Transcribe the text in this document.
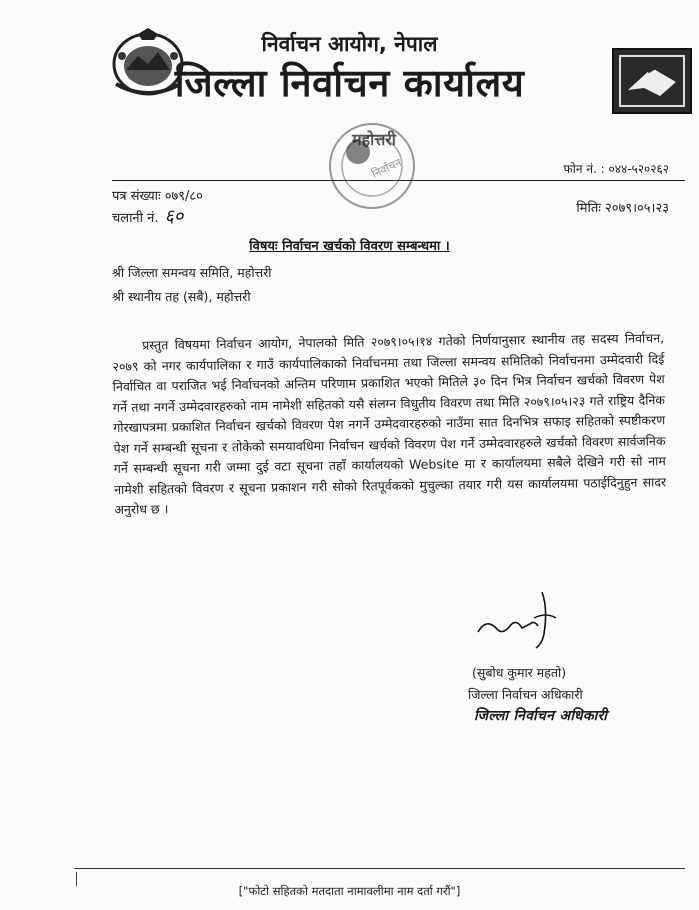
निर्वाचन आयोग, नेपाल
जिल्ला निर्वाचन कार्यालय
निर्वाचन
महोत्तरी
फोन नं. : ०४४-५२०२६२
पत्र संख्याः ०७९/८०
चलानी नं. ६०	मितिः २०७९।०५।२३
विषयः निर्वाचन खर्चको विवरण सम्बन्धमा ।
श्री जिल्ला समन्वय समिति, महोत्तरी
श्री स्थानीय तह (सबै), महोत्तरी
प्रस्तुत विषयमा निर्वाचन आयोग, नेपालको मिति २०७९।०५।१४ गतेको निर्णयानुसार स्थानीय तह सदस्य निर्वाचन, २०७९ को नगर कार्यपालिका र गाउँ कार्यपालिकाको निर्वाचनमा तथा जिल्ला समन्वय समितिको निर्वाचनमा उम्मेदवारी दिई निर्वाचित वा पराजित भई निर्वाचनको अन्तिम परिणाम प्रकाशित भएको मितिले ३० दिन भित्र निर्वाचन खर्चको विवरण पेश गर्ने तथा नगर्ने उम्मेदवारहरुको नाम नामेशी सहितको यसै संलग्न विधुतीय विवरण तथा मिति २०७९।०५।२३ गते राष्ट्रिय दैनिक गोरखापत्रमा प्रकाशित निर्वाचन खर्चको विवरण पेश नगर्ने उम्मेदवारहरुको नाउँमा सात दिनभित्र सफाइ सहितको स्पष्टीकरण पेश गर्ने सम्बन्धी सूचना र तोकेको समयावधिमा निर्वाचन खर्चको विवरण पेश गर्ने उम्मेदवारहरुले खर्चको विवरण सार्वजनिक गर्ने सम्बन्धी सूचना गरी जम्मा दुई वटा सूचना तहाँ कार्यालयको Website मा र कार्यालयमा सबैले देखिने गरी सो नाम नामेशी सहितको विवरण र सूचना प्रकाशन गरी सोको रितपूर्वकको मुचुल्का तयार गरी यस कार्यालयमा पठाईदिनुहुन सादर अनुरोध छ ।
(सुबोध कुमार महतो)
जिल्ला निर्वाचन अधिकारी
जिल्ला निर्वाचन अधिकारी
["फोटो सहितको मतदाता नामावलीमा नाम दर्ता गरौं"]
